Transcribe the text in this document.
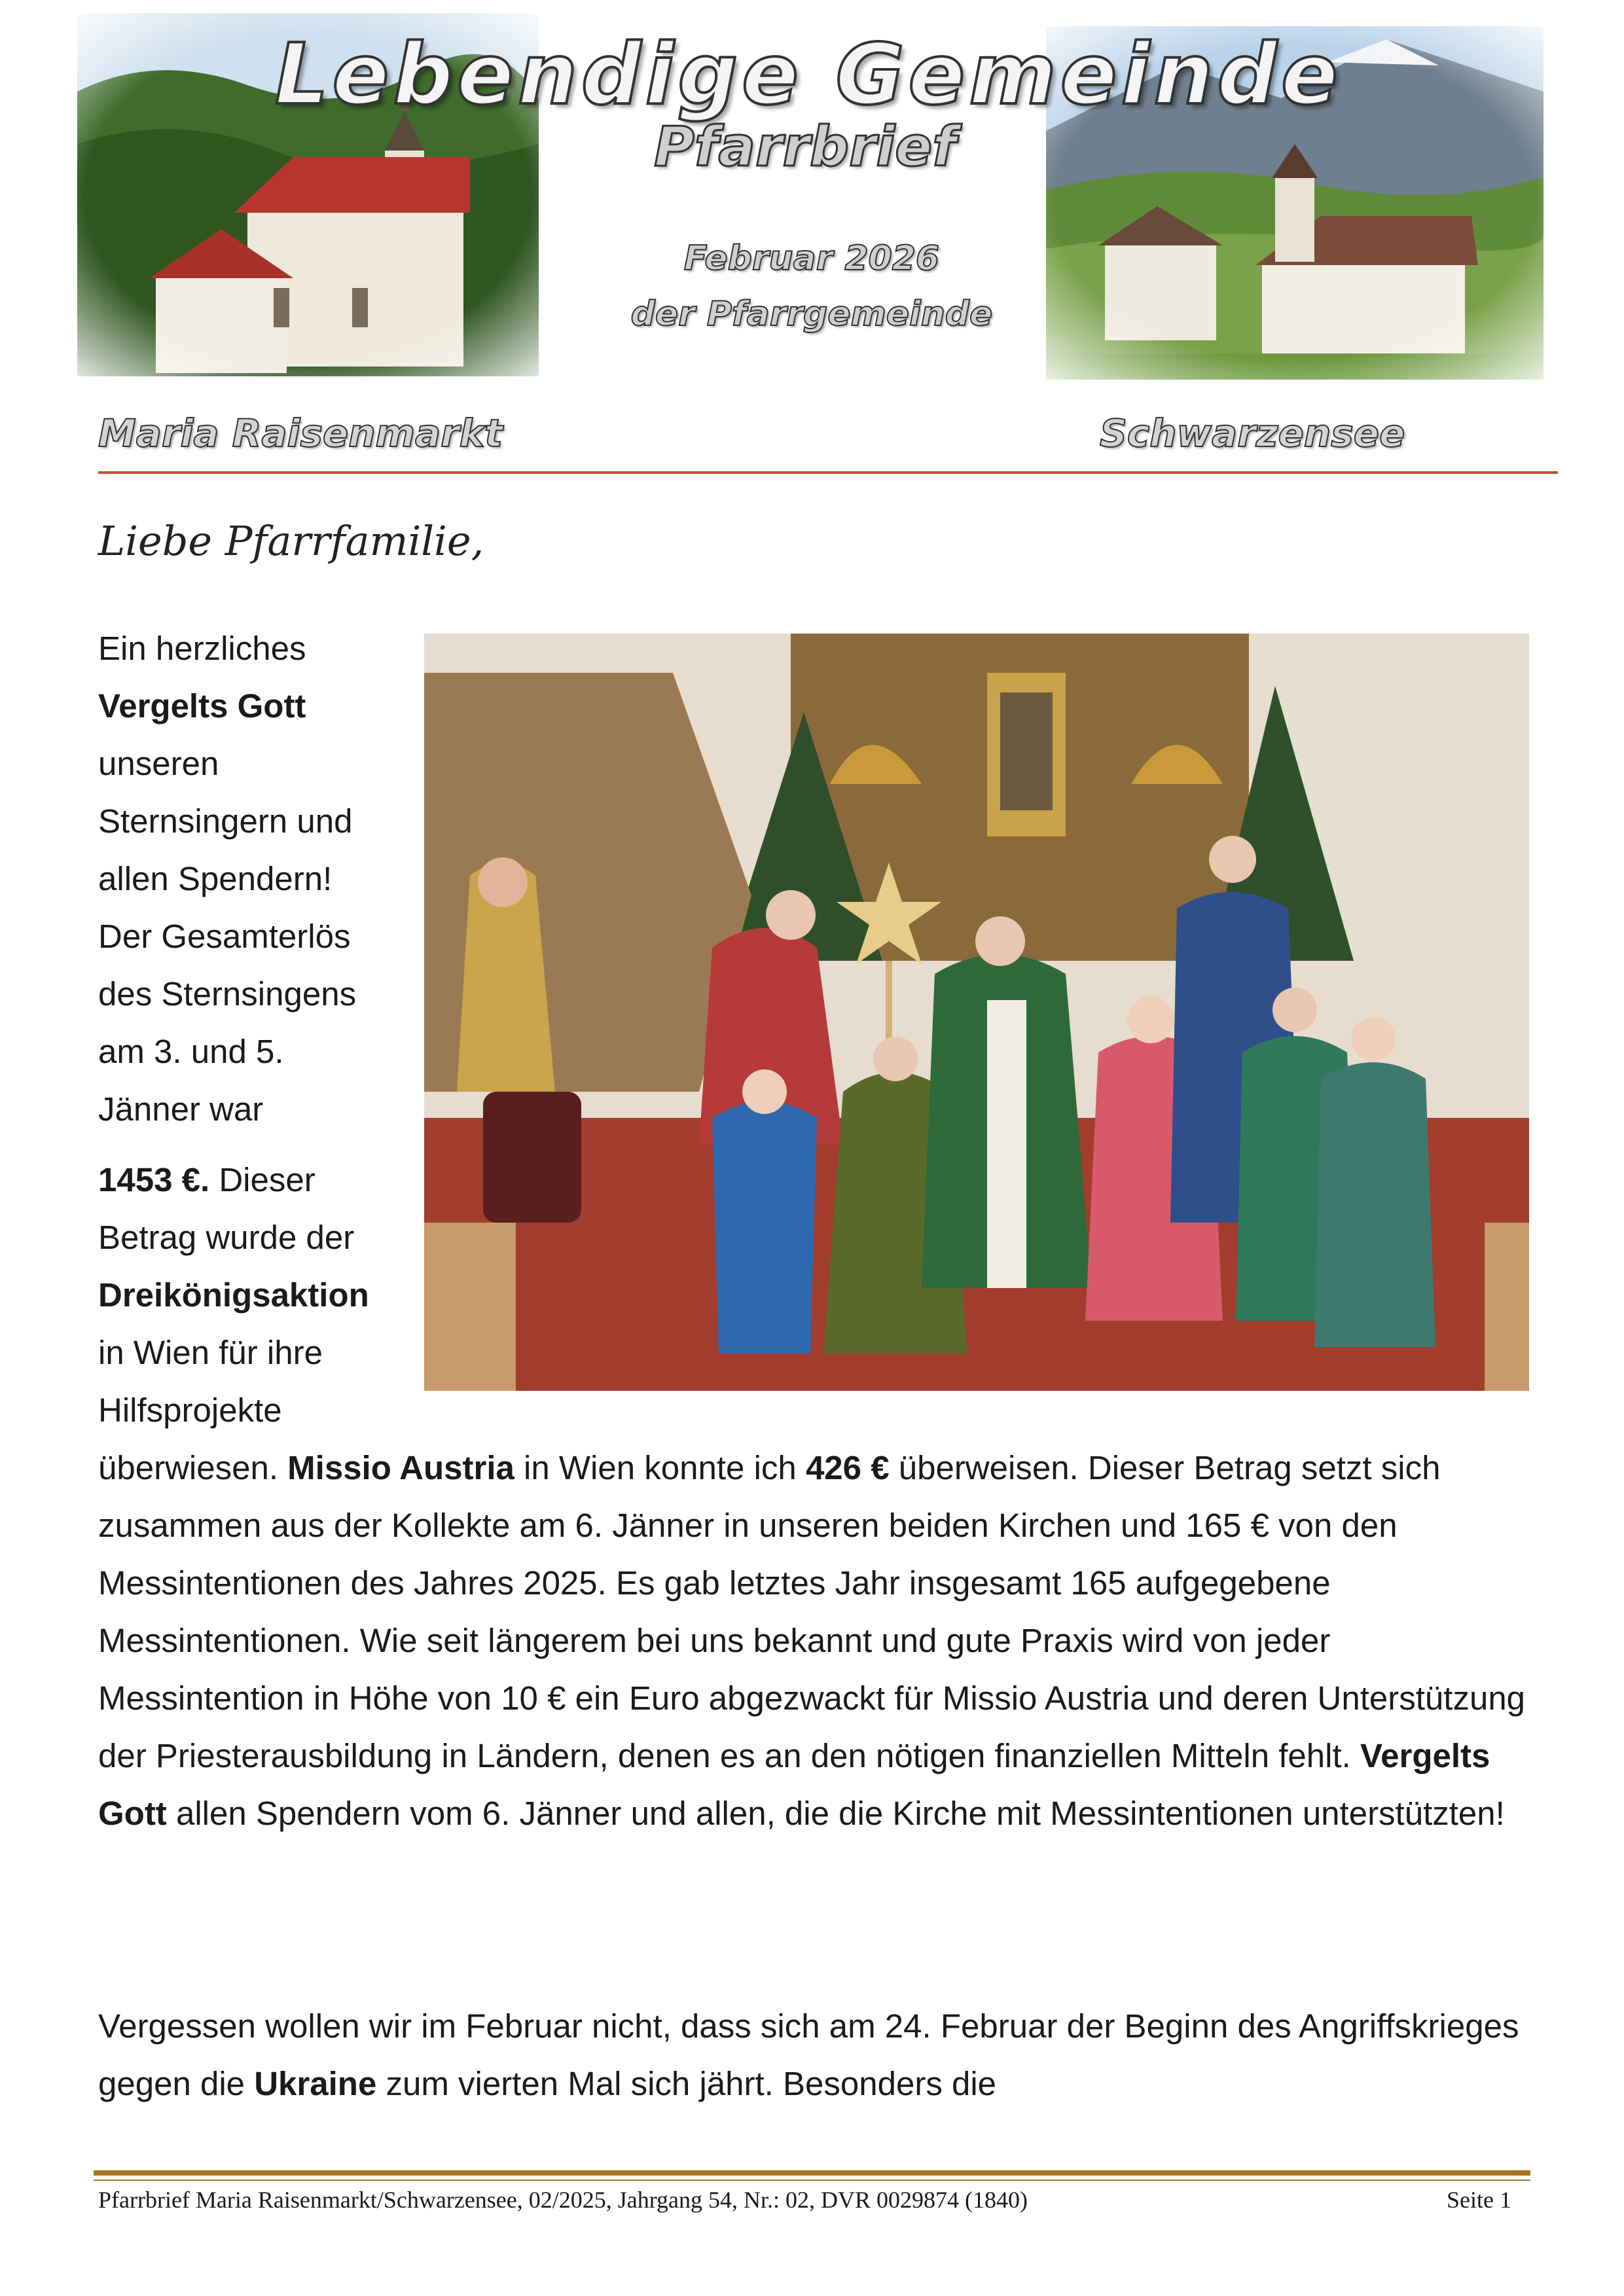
Lebendige Gemeinde
Pfarrbrief
Februar 2026
der Pfarrgemeinde
Maria Raisenmarkt	Schwarzensee
Liebe Pfarrfamilie,

Ein herzliches

Vergelts Gott

unseren

Sternsingern und

allen Spendern!

Der Gesamterlös

des Sternsingens

am 3. und 5.

Jänner war

1453 €. Dieser

Betrag wurde der

Dreikönigsaktion

in Wien für ihre

Hilfsprojekte

überwiesen. Missio Austria in Wien konnte ich 426 € überweisen. Dieser Betrag setzt sich zusammen aus der Kollekte am 6. Jänner in unseren beiden Kirchen und 165 € von den Messintentionen des Jahres 2025. Es gab letztes Jahr insgesamt 165 aufgegebene Messintentionen. Wie seit längerem bei uns bekannt und gute Praxis wird von jeder Messintention in Höhe von 10 € ein Euro abgezwackt für Missio Austria und deren Unterstützung der Priesterausbildung in Ländern, denen es an den nötigen finanziellen Mitteln fehlt. Vergelts Gott allen Spendern vom 6. Jänner und allen, die die Kirche mit Messintentionen unterstützten!
Vergessen wollen wir im Februar nicht, dass sich am 24. Februar der Beginn des Angriffskrieges gegen die Ukraine zum vierten Mal sich jährt. Besonders die
Pfarrbrief Maria Raisenmarkt/Schwarzensee, 02/2025, Jahrgang 54, Nr.: 02, DVR 0029874 (1840)	Seite 1
